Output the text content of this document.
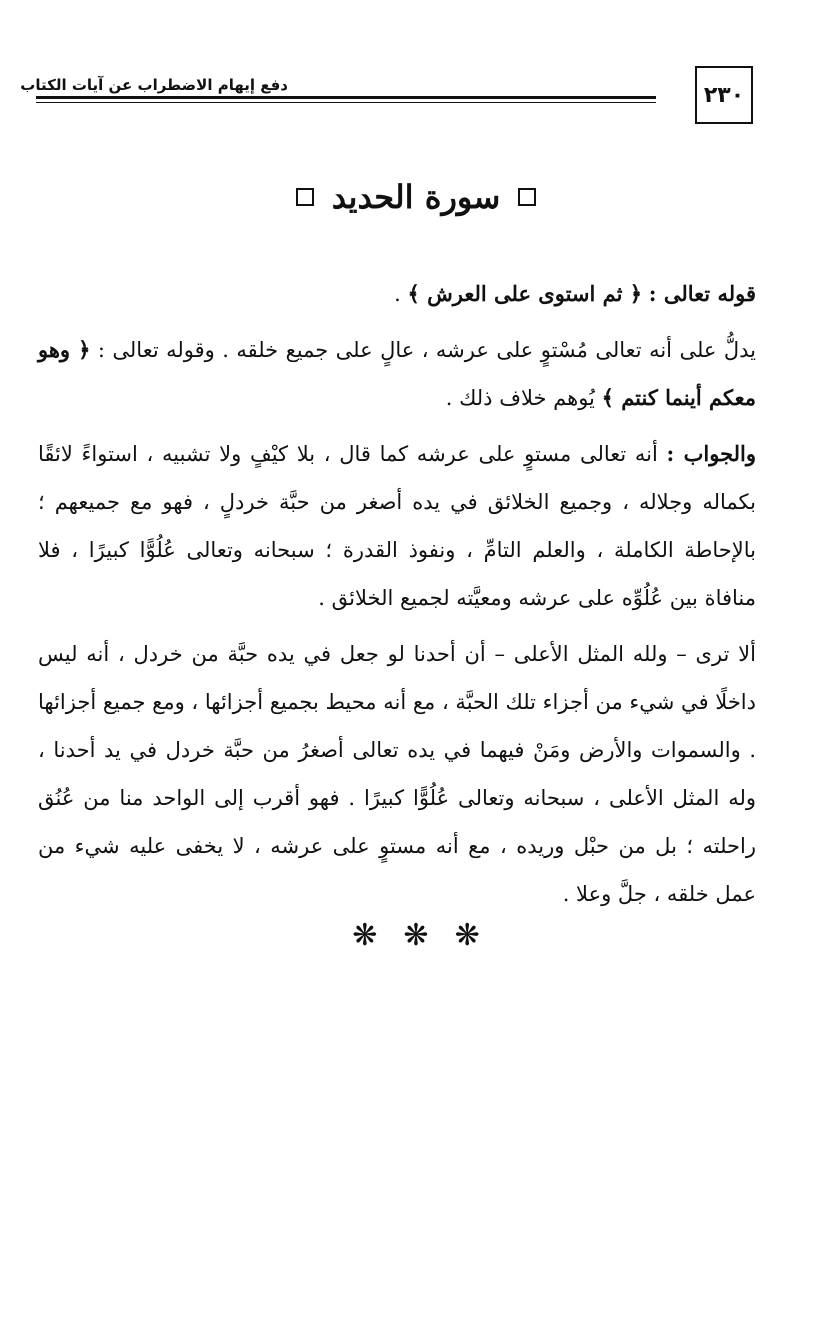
٢٣٠
دفع إيهام الاضطراب عن آيات الكتاب
سورة الحديد

قوله تعالى : ﴿ ثم استوى على العرش ﴾ .

يدلُّ على أنه تعالى مُسْتوٍ على عرشه ، عالٍ على جميع خلقه . وقوله تعالى : ﴿ وهو معكم أينما كنتم ﴾ يُوهم خلاف ذلك .

والجواب : أنه تعالى مستوٍ على عرشه كما قال ، بلا كيْفٍ ولا تشبيه ، استواءً لائقًا بكماله وجلاله ، وجميع الخلائق في يده أصغر من حبَّة خردلٍ ، فهو مع جميعهم ؛ بالإحاطة الكاملة ، والعلم التامِّ ، ونفوذ القدرة ؛ سبحانه وتعالى عُلُوًّا كبيرًا ، فلا منافاة بين عُلُوِّه على عرشه ومعيَّته لجميع الخلائق .

ألا ترى – ولله المثل الأعلى – أن أحدنا لو جعل في يده حبَّة من خردل ، أنه ليس داخلًا في شيء من أجزاء تلك الحبَّة ، مع أنه محيط بجميع أجزائها ، ومع جميع أجزائها . والسموات والأرض ومَنْ فيهما في يده تعالى أصغرُ من حبَّة خردل في يد أحدنا ، وله المثل الأعلى ، سبحانه وتعالى عُلُوًّا كبيرًا . فهو أقرب إلى الواحد منا من عُنُق راحلته ؛ بل من حبْل وريده ، مع أنه مستوٍ على عرشه ، لا يخفى عليه شيء من عمل خلقه ، جلَّ وعلا .

❋ ❋ ❋
